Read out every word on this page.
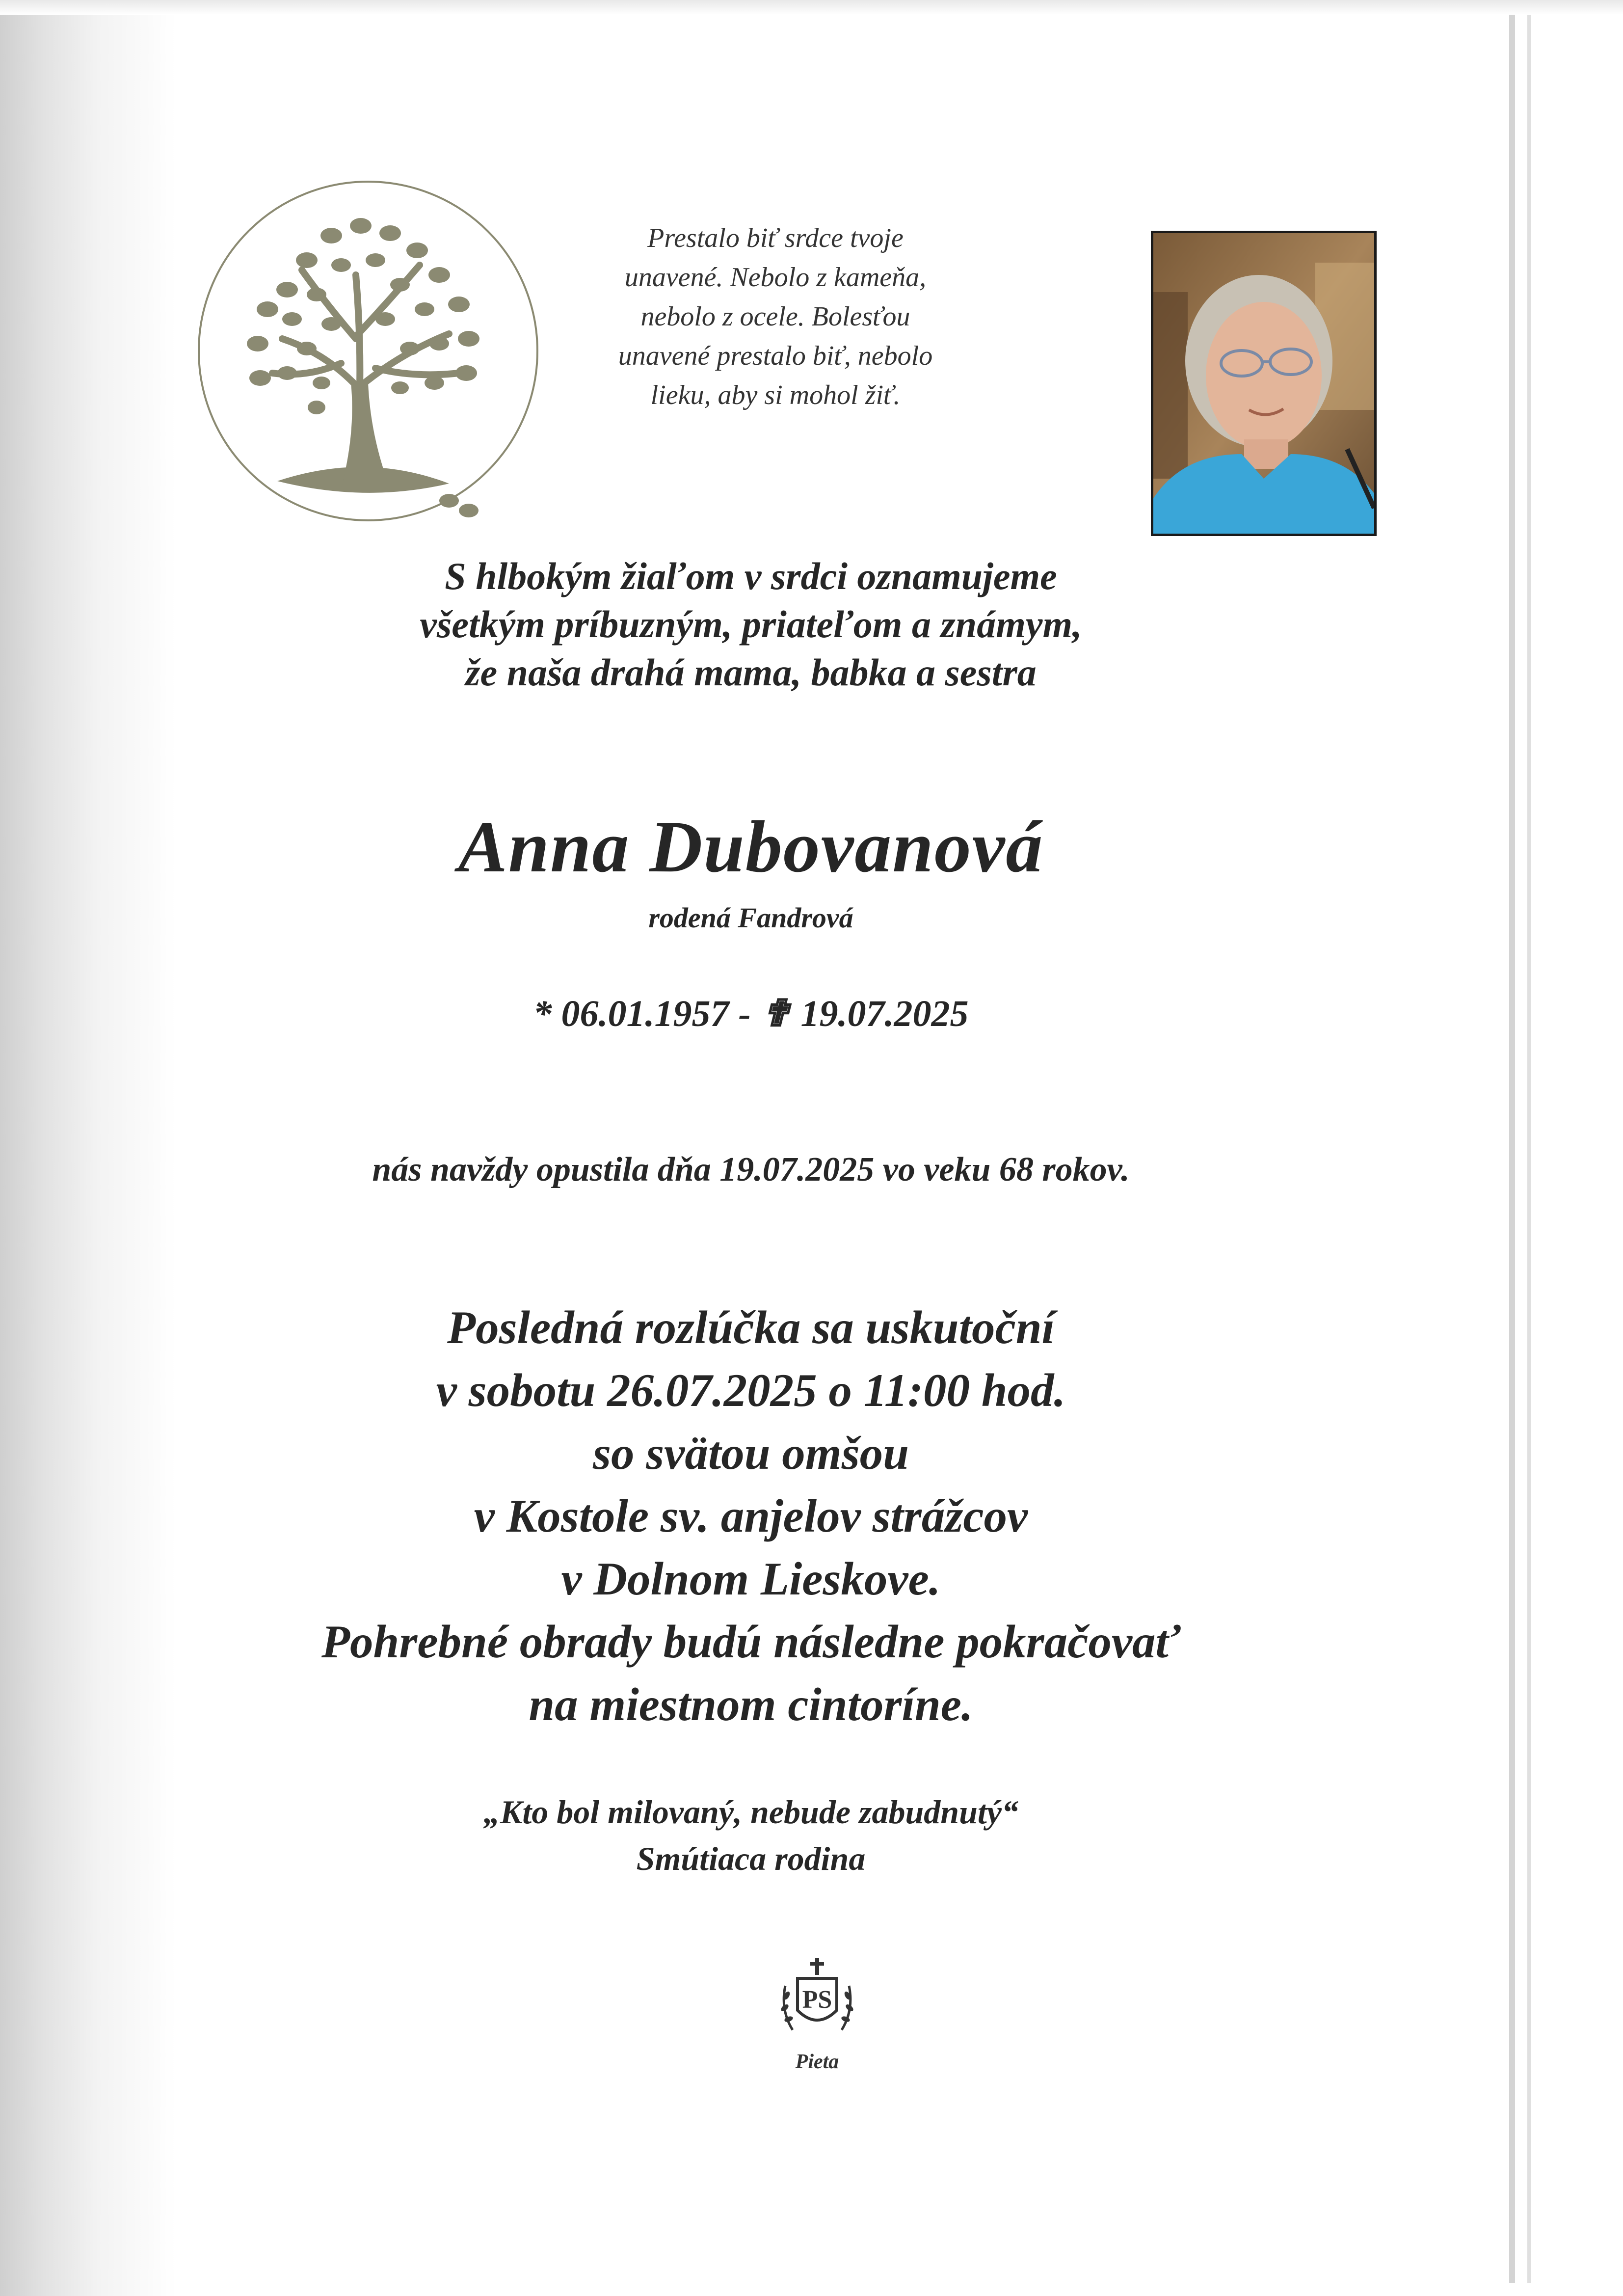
Prestalo biť srdce tvoje
unavené. Nebolo z kameňa,
nebolo z ocele. Bolesťou
unavené prestalo biť, nebolo
lieku, aby si mohol žiť.
S hlbokým žiaľom v srdci oznamujeme
všetkým príbuzným, priateľom a známym,
že naša drahá mama, babka a sestra
Anna Dubovanová
rodená Fandrová
* 06.01.1957 - ✟ 19.07.2025
nás navždy opustila dňa 19.07.2025 vo veku 68 rokov.
Posledná rozlúčka sa uskutoční
v sobotu 26.07.2025 o 11:00 hod.
so svätou omšou
v Kostole sv. anjelov strážcov
v Dolnom Lieskove.
Pohrebné obrady budú následne pokračovať
na miestnom cintoríne.
„Kto bol milovaný, nebude zabudnutý“
Smútiaca rodina
PS
Pieta
